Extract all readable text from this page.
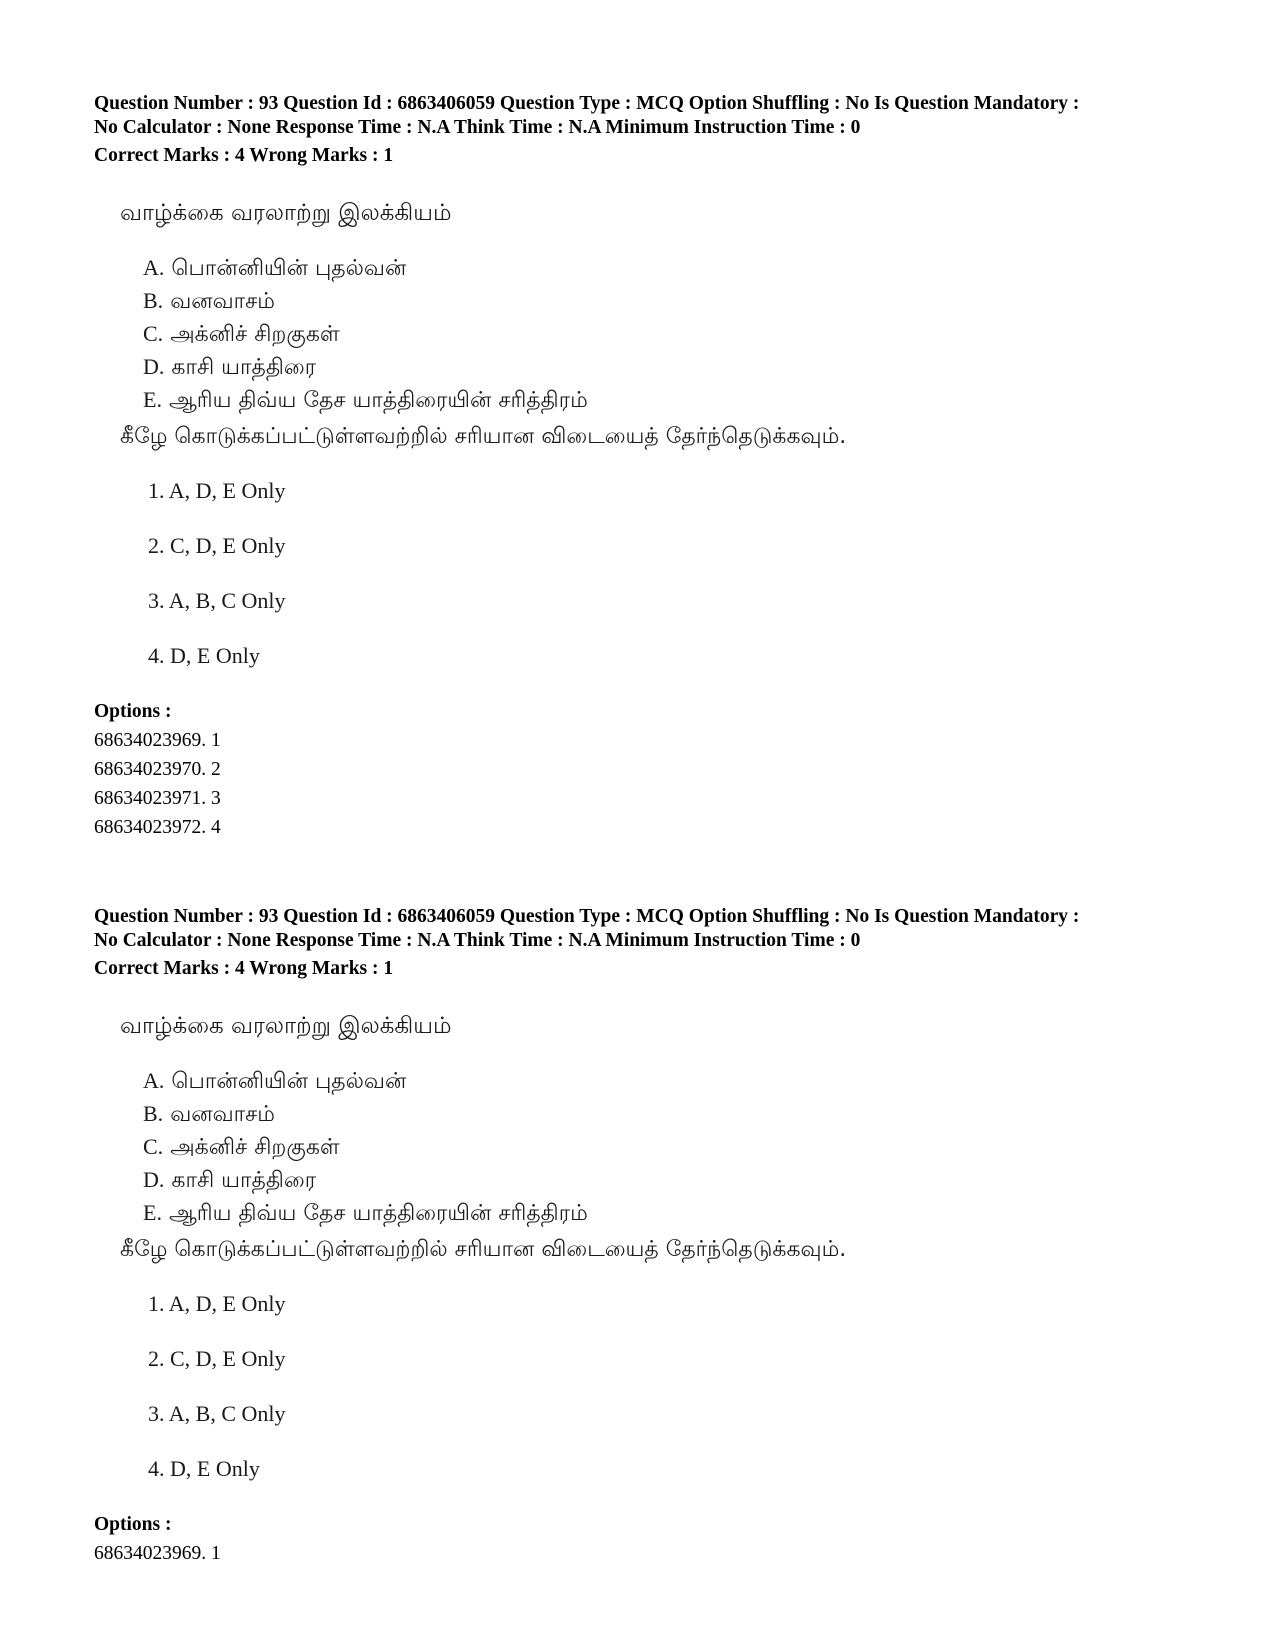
Question Number : 93 Question Id : 6863406059 Question Type : MCQ Option Shuffling : No Is Question Mandatory :
No Calculator : None Response Time : N.A Think Time : N.A Minimum Instruction Time : 0
Correct Marks : 4 Wrong Marks : 1
வாழ்க்கை வரலாற்று இலக்கியம்
A. பொன்னியின் புதல்வன்
B. வனவாசம்
C. அக்னிச் சிறகுகள்
D. காசி யாத்திரை
E. ஆரிய திவ்ய தேச யாத்திரையின் சரித்திரம்
கீழே கொடுக்கப்பட்டுள்ளவற்றில் சரியான விடையைத் தேர்ந்தெடுக்கவும்.
1. A, D, E Only
2. C, D, E Only
3. A, B, C Only
4. D, E Only
Options :
68634023969. 1
68634023970. 2
68634023971. 3
68634023972. 4
Question Number : 93 Question Id : 6863406059 Question Type : MCQ Option Shuffling : No Is Question Mandatory :
No Calculator : None Response Time : N.A Think Time : N.A Minimum Instruction Time : 0
Correct Marks : 4 Wrong Marks : 1
வாழ்க்கை வரலாற்று இலக்கியம்
A. பொன்னியின் புதல்வன்
B. வனவாசம்
C. அக்னிச் சிறகுகள்
D. காசி யாத்திரை
E. ஆரிய திவ்ய தேச யாத்திரையின் சரித்திரம்
கீழே கொடுக்கப்பட்டுள்ளவற்றில் சரியான விடையைத் தேர்ந்தெடுக்கவும்.
1. A, D, E Only
2. C, D, E Only
3. A, B, C Only
4. D, E Only
Options :
68634023969. 1
